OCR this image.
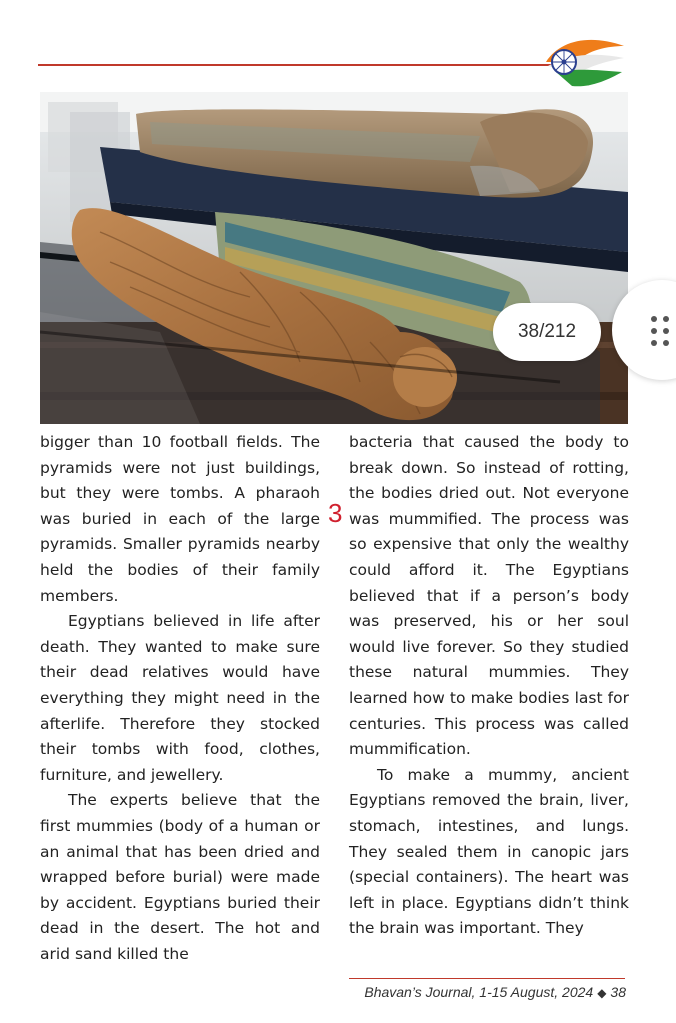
38/212

bigger than 10 football fields. The pyramids were not just buildings, but they were tombs. A pharaoh was buried in each of the large pyramids. Smaller pyramids nearby held the bodies of their family members.

Egyptians believed in life after death. They wanted to make sure their dead relatives would have everything they might need in the afterlife. Therefore they stocked their tombs with food, clothes, furniture, and jewellery.

The experts believe that the first mummies (body of a human or an animal that has been dried and wrapped before burial) were made by accident. Egyptians buried their dead in the desert. The hot and arid sand killed the

3

bacteria that caused the body to break down. So instead of rotting, the bodies dried out. Not everyone was mummified. The process was so expensive that only the wealthy could afford it. The Egyptians believed that if a person’s body was preserved, his or her soul would live forever. So they studied these natural mummies. They learned how to make bodies last for centuries. This process was called mummification.

To make a mummy, ancient Egyptians removed the brain, liver, stomach, intestines, and lungs. They sealed them in canopic jars (special containers). The heart was left in place. Egyptians didn’t think the brain was important. They

Bhavan’s Journal, 1-15 August, 2024 ◆ 38
